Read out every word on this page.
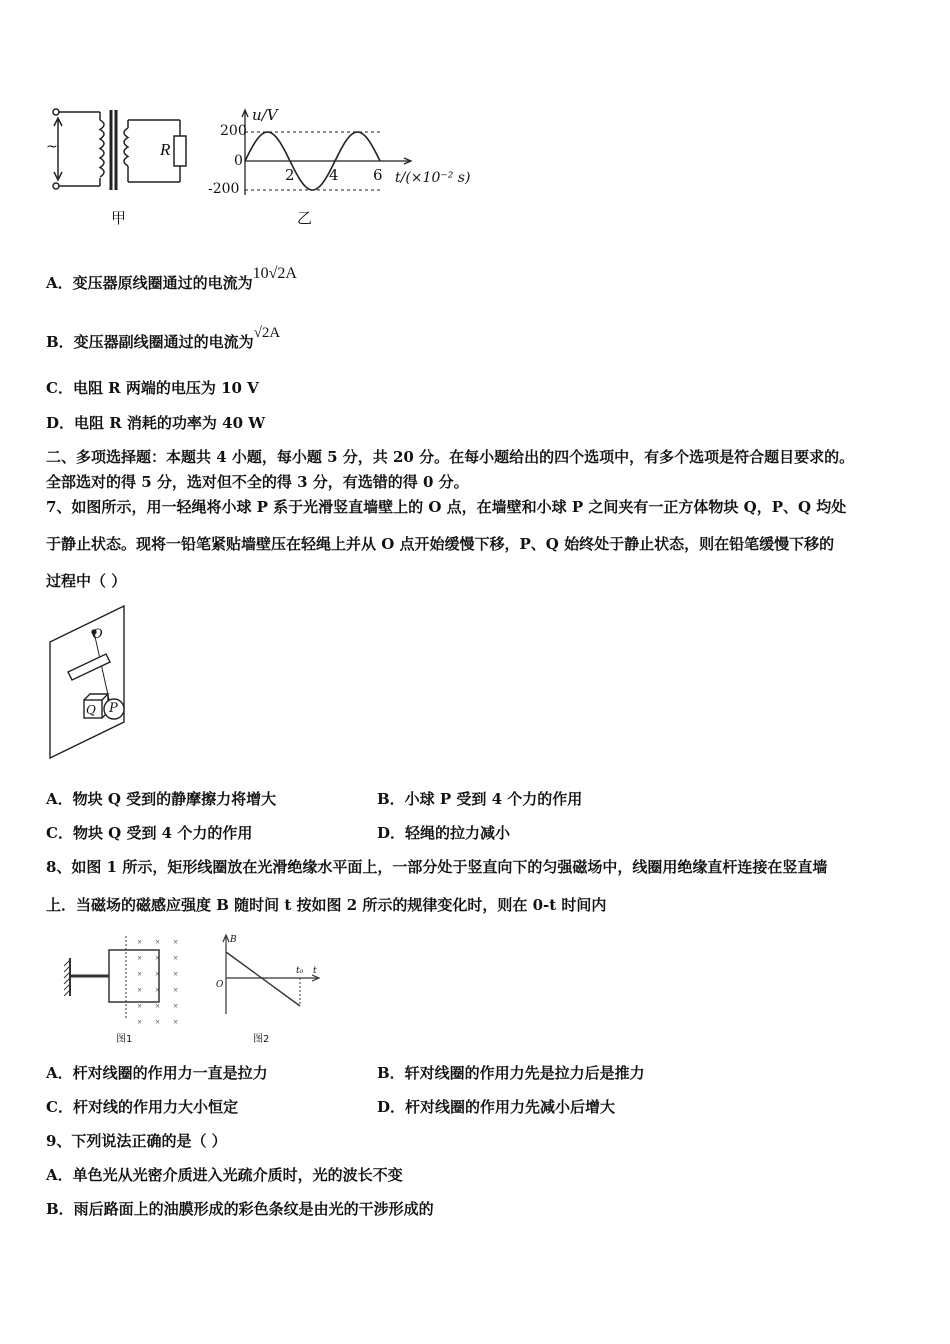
~	R
甲
u/V
200
0
-200
2 4 6 t/(×10⁻² s)
乙
A．变压器原线圈通过的电流为10√2A
B．变压器副线圈通过的电流为√2A
C．电阻 R 两端的电压为 10 V
D．电阻 R 消耗的功率为 40 W
二、多项选择题：本题共 4 小题，每小题 5 分，共 20 分。在每小题给出的四个选项中，有多个选项是符合题目要求的。
全部选对的得 5 分，选对但不全的得 3 分，有选错的得 0 分。
7、如图所示，用一轻绳将小球 P 系于光滑竖直墙壁上的 O 点，在墙壁和小球 P 之间夹有一正方体物块 Q，P、Q 均处
于静止状态。现将一铅笔紧贴墙壁压在轻绳上并从 O 点开始缓慢下移，P、Q 始终处于静止状态，则在铅笔缓慢下移的
过程中（ ）
O
Q P
A．物块 Q 受到的静摩擦力将增大	B．小球 P 受到 4 个力的作用
C．物块 Q 受到 4 个力的作用	D．轻绳的拉力减小
8、如图 1 所示，矩形线圈放在光滑绝缘水平面上，一部分处于竖直向下的匀强磁场中，线圈用绝缘直杆连接在竖直墙
上．当磁场的磁感应强度 B 随时间 t 按如图 2 所示的规律变化时，则在 0-t 时间内
× × ×
× × ×
× × ×
× × ×
× × ×
× × ×
图1
B
O
t
t₀
图2
A．杆对线圈的作用力一直是拉力	B．轩对线圈的作用力先是拉力后是推力
C．杆对线的作用力大小恒定	D．杆对线圈的作用力先减小后增大
9、下列说法正确的是（ ）
A．单色光从光密介质进入光疏介质时，光的波长不变
B．雨后路面上的油膜形成的彩色条纹是由光的干涉形成的
